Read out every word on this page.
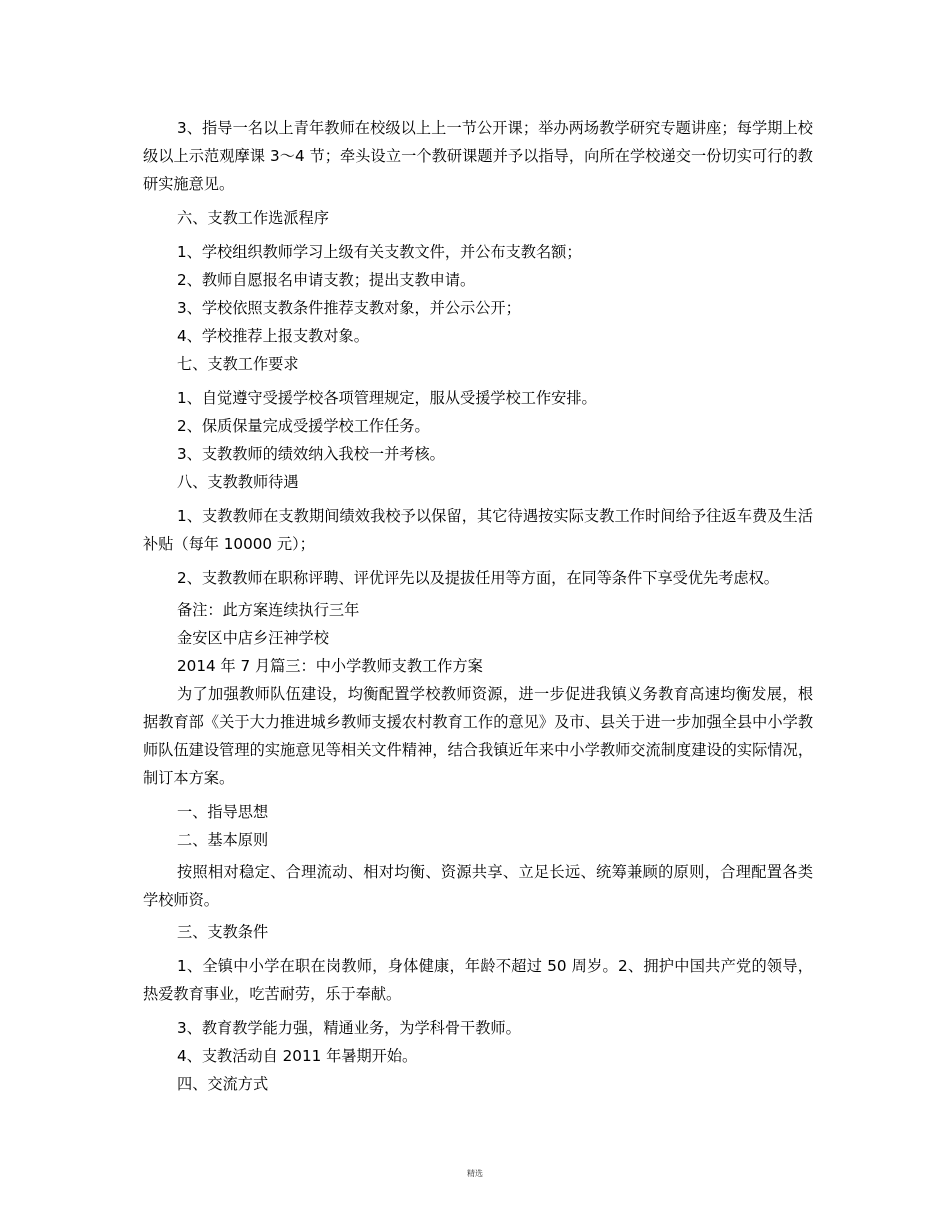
3、指导一名以上青年教师在校级以上上一节公开课；举办两场教学研究专题讲座；每学期上校级以上示范观摩课 3～4 节；牵头设立一个教研课题并予以指导，向所在学校递交一份切实可行的教研实施意见。

六、支教工作选派程序

1、学校组织教师学习上级有关支教文件，并公布支教名额；

2、教师自愿报名申请支教；提出支教申请。

3、学校依照支教条件推荐支教对象，并公示公开；

4、学校推荐上报支教对象。

七、支教工作要求

1、自觉遵守受援学校各项管理规定，服从受援学校工作安排。

2、保质保量完成受援学校工作任务。

3、支教教师的绩效纳入我校一并考核。

八、支教教师待遇

1、支教教师在支教期间绩效我校予以保留，其它待遇按实际支教工作时间给予往返车费及生活补贴（每年 10000 元）；

2、支教教师在职称评聘、评优评先以及提拔任用等方面，在同等条件下享受优先考虑权。

备注：此方案连续执行三年

金安区中店乡汪神学校

2014 年 7 月篇三：中小学教师支教工作方案

为了加强教师队伍建设，均衡配置学校教师资源，进一步促进我镇义务教育高速均衡发展，根据教育部《关于大力推进城乡教师支援农村教育工作的意见》及市、县关于进一步加强全县中小学教师队伍建设管理的实施意见等相关文件精神，结合我镇近年来中小学教师交流制度建设的实际情况，制订本方案。

一、指导思想

二、基本原则

按照相对稳定、合理流动、相对均衡、资源共享、立足长远、统筹兼顾的原则，合理配置各类学校师资。

三、支教条件

1、全镇中小学在职在岗教师，身体健康，年龄不超过 50 周岁。2、拥护中国共产党的领导，热爱教育事业，吃苦耐劳，乐于奉献。

3、教育教学能力强，精通业务，为学科骨干教师。

4、支教活动自 2011 年暑期开始。

四、交流方式

精选
